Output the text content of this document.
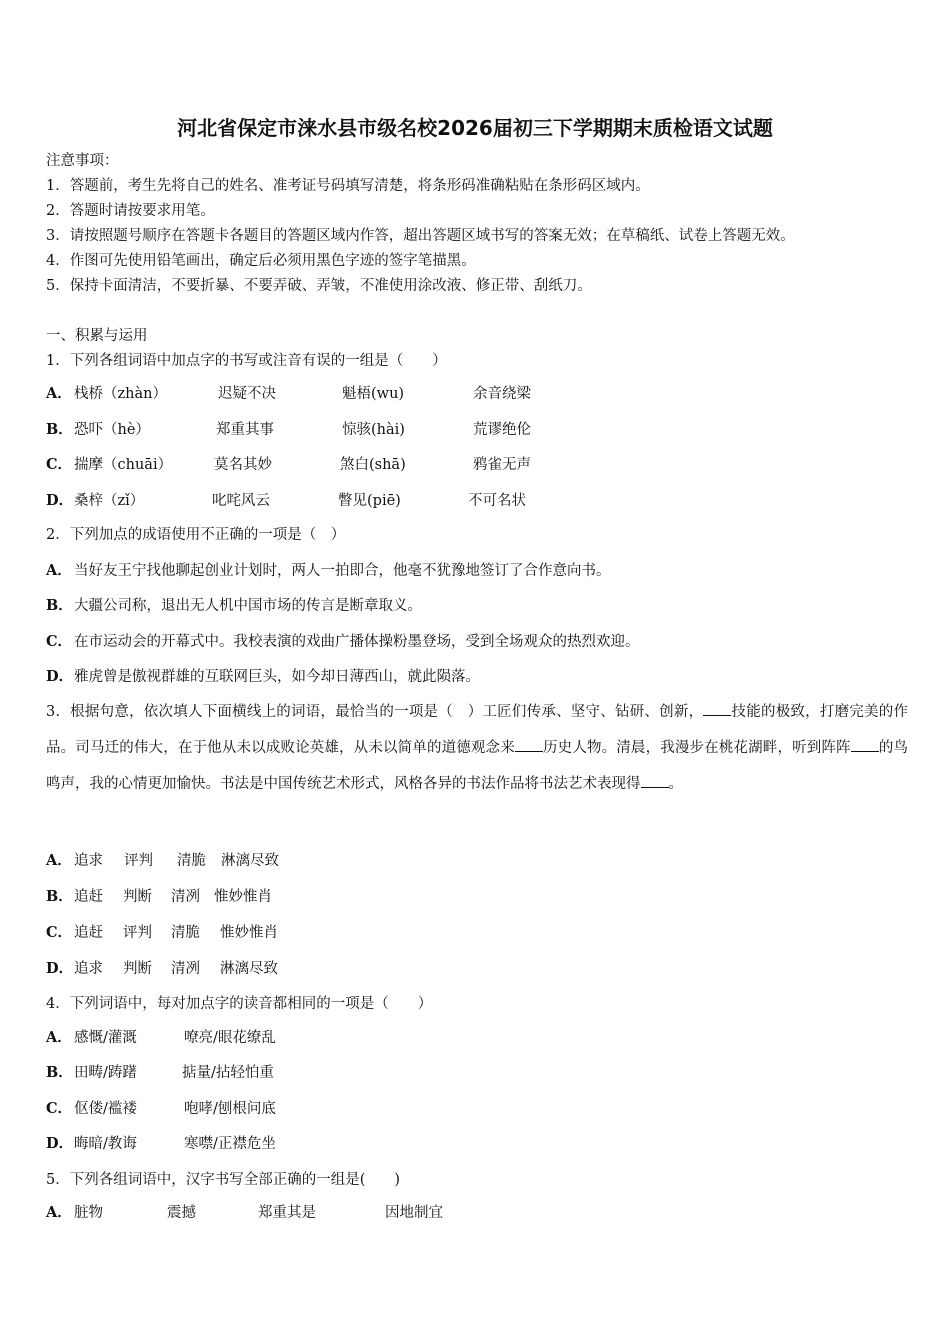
河北省保定市涞水县市级名校2026届初三下学期期末质检语文试题
注意事项：
1．答题前，考生先将自己的姓名、准考证号码填写清楚，将条形码准确粘贴在条形码区域内。
2．答题时请按要求用笔。
3．请按照题号顺序在答题卡各题目的答题区域内作答，超出答题区域书写的答案无效；在草稿纸、试卷上答题无效。
4．作图可先使用铅笔画出，确定后必须用黑色字迹的签字笔描黑。
5．保持卡面清洁，不要折暴、不要弄破、弄皱，不准使用涂改液、修正带、刮纸刀。
一、积累与运用
1．下列各组词语中加点字的书写或注音有误的一组是（　　）
A． 栈桥（zhàn）	迟疑不决	魁梧(wu)	余音绕梁
B． 恐吓（hè）	郑重其事	惊骇(hài)	荒谬绝伦
C． 揣摩（chuāi）	莫名其妙	煞白(shā)	鸦雀无声
D． 桑梓（zǐ）	叱咤风云	瞥见(piē)	不可名状
2．下列加点的成语使用不正确的一项是（　）
A． 当好友王宁找他聊起创业计划时，两人一拍即合，他毫不犹豫地签订了合作意向书。
B．大疆公司称，退出无人机中国市场的传言是断章取义。
C． 在市运动会的开幕式中。我校表演的戏曲广播体操粉墨登场，受到全场观众的热烈欢迎。
D．雅虎曾是傲视群雄的互联网巨头，如今却日薄西山，就此陨落。
3．根据句意，依次填人下面横线上的词语，最恰当的一项是（　）工匠们传承、坚守、钻研、创新， 技能的极致，打磨完美的作品。司马迁的伟大，在于他从未以成败论英雄，从未以简单的道德观念来 历史人物。清晨，我漫步在桃花湖畔，听到阵阵 的鸟鸣声，我的心情更加愉快。书法是中国传统艺术形式，风格各异的书法作品将书法艺术表现得 。
A． 追求 评判 清脆 淋漓尽致
B． 追赶 判断 清冽 惟妙惟肖
C． 追赶 评判 清脆 惟妙惟肖
D． 追求 判断 清冽 淋漓尽致
4．下列词语中，每对加点字的读音都相同的一项是（　　）
A． 感慨/灌溉	嘹亮/眼花缭乱
B． 田畴/踌躇	掂量/拈轻怕重
C． 伛偻/褴褛	咆哮/刨根问底
D． 晦暗/教诲	寒噤/正襟危坐
5．下列各组词语中，汉字书写全部正确的一组是(　　)
A． 脏物	震撼	郑重其是	因地制宜
